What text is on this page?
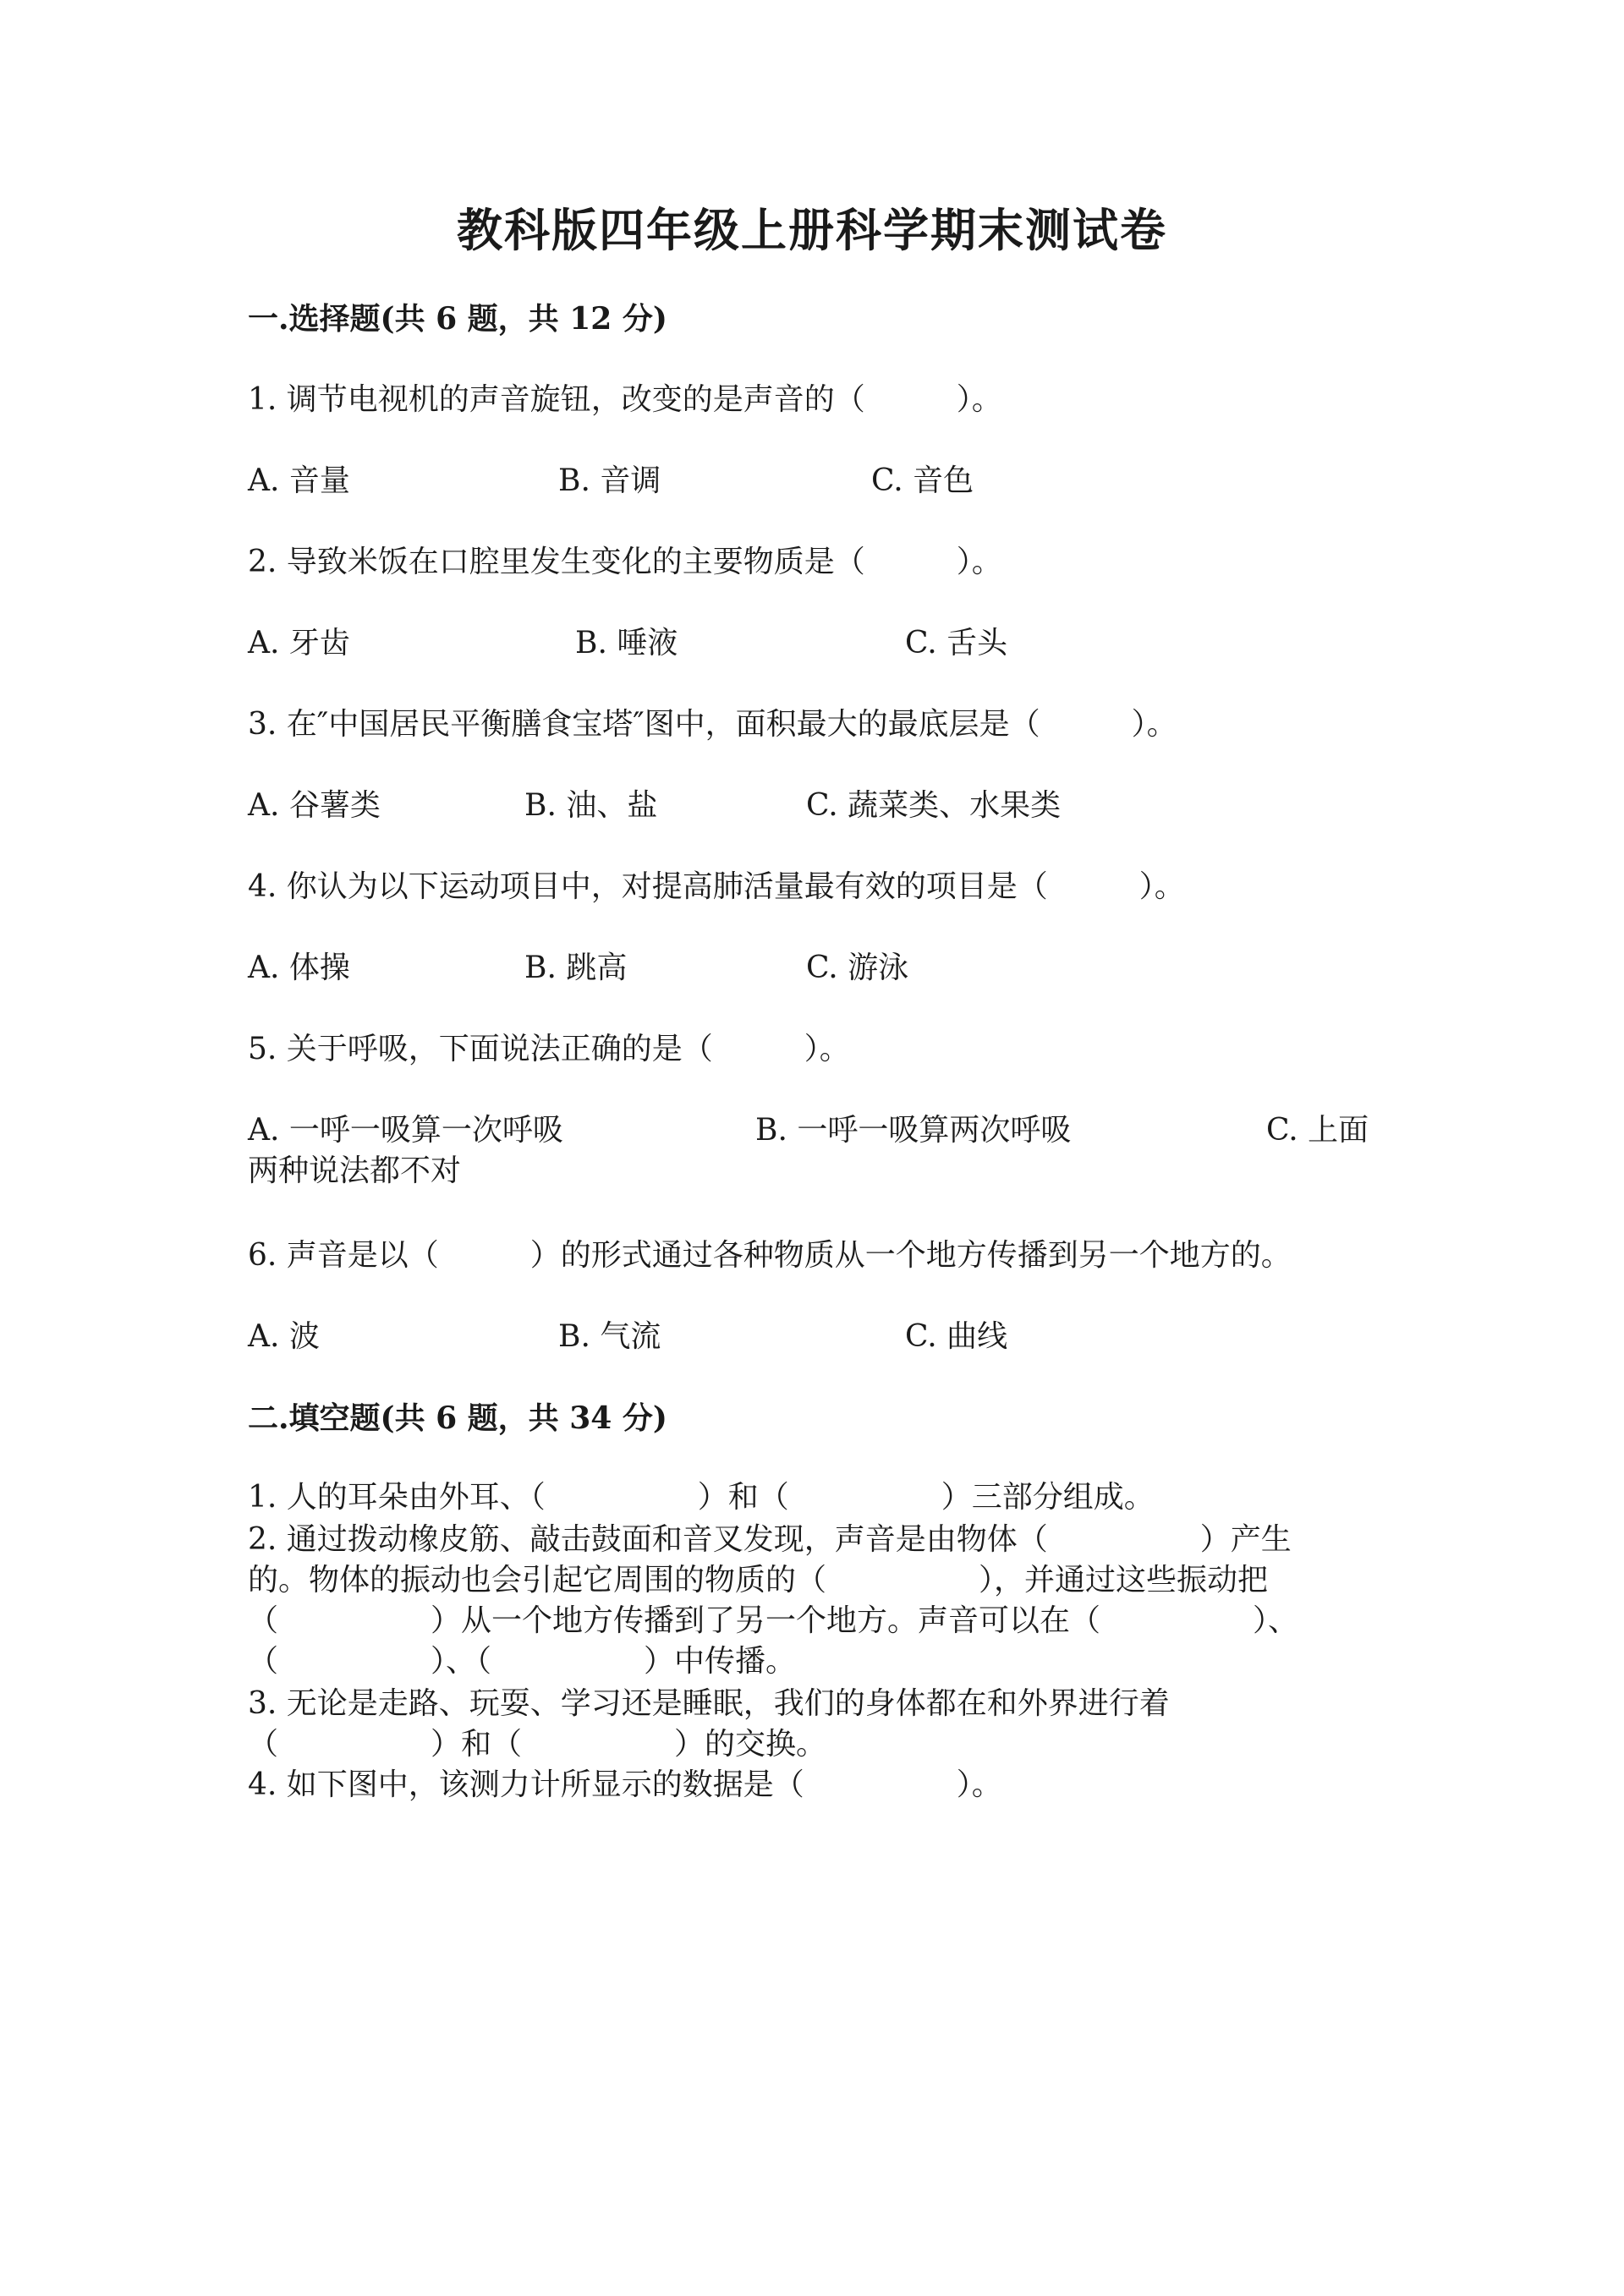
教科版四年级上册科学期末测试卷
一.选择题(共 6 题，共 12 分)
1. 调节电视机的声音旋钮，改变的是声音的（　　　）。
A. 音量	B. 音调	C. 音色
2. 导致米饭在口腔里发生变化的主要物质是（　　　）。
A. 牙齿	B. 唾液	C. 舌头
3. 在″中国居民平衡膳食宝塔″图中，面积最大的最底层是（　　　）。
A. 谷薯类	B. 油、盐	C. 蔬菜类、水果类
4. 你认为以下运动项目中，对提高肺活量最有效的项目是（　　　）。
A. 体操	B. 跳高	C. 游泳
5. 关于呼吸，下面说法正确的是（　　　）。
A. 一呼一吸算一次呼吸	B. 一呼一吸算两次呼吸	C. 上面
两种说法都不对
6. 声音是以（　　　）的形式通过各种物质从一个地方传播到另一个地方的。
A. 波	B. 气流	C. 曲线
二.填空题(共 6 题，共 34 分)
1. 人的耳朵由外耳、（　　　　　）和（　　　　　）三部分组成。
2. 通过拨动橡皮筋、敲击鼓面和音叉发现，声音是由物体（　　　　　）产生
的。物体的振动也会引起它周围的物质的（　　　　　），并通过这些振动把
（　　　　　）从一个地方传播到了另一个地方。声音可以在（　　　　　）、
（　　　　　）、（　　　　　）中传播。
3. 无论是走路、玩耍、学习还是睡眠，我们的身体都在和外界进行着
（　　　　　）和（　　　　　）的交换。
4. 如下图中，该测力计所显示的数据是（　　　　　）。
